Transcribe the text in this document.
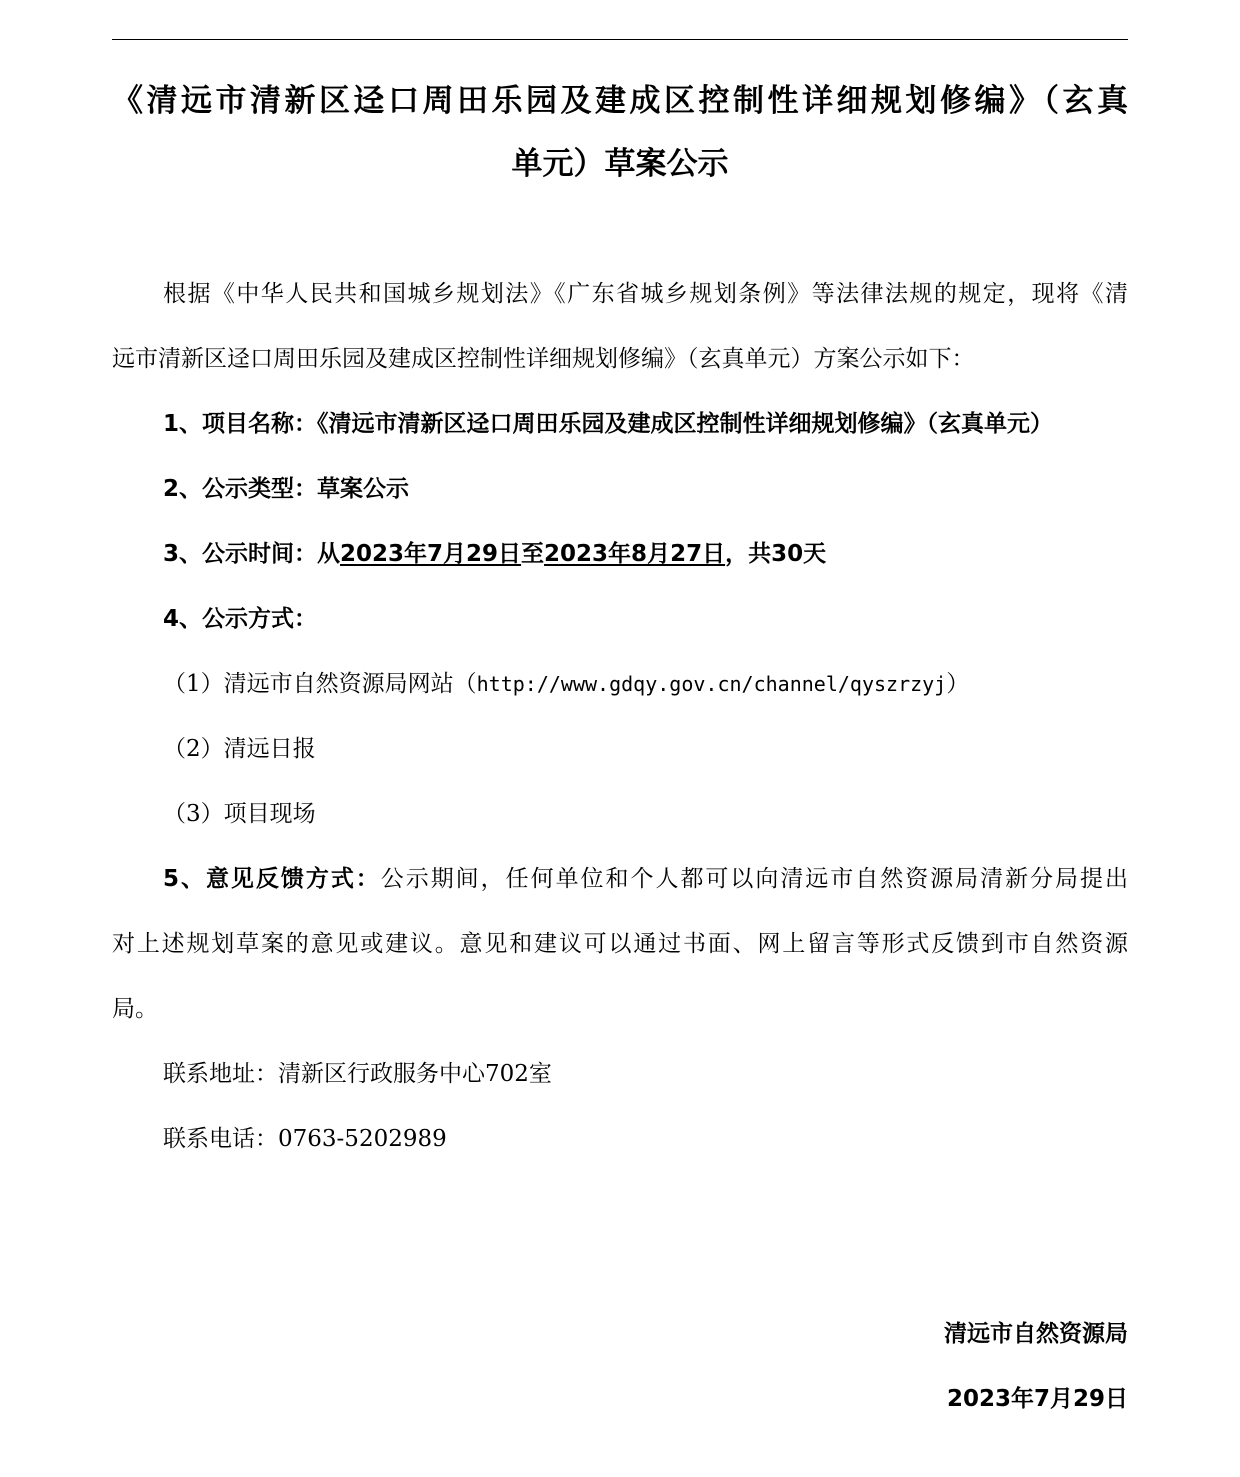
《清远市清新区迳口周田乐园及建成区控制性详细规划修编》（玄真
单元）草案公示
根据《中华人民共和国城乡规划法》《广东省城乡规划条例》等法律法规的规定，现将《清
远市清新区迳口周田乐园及建成区控制性详细规划修编》（玄真单元）方案公示如下：
1、项目名称：《清远市清新区迳口周田乐园及建成区控制性详细规划修编》（玄真单元）
2、公示类型：草案公示
3、公示时间：从2023年7月29日至2023年8月27日，共30天
4、公示方式：
（1）清远市自然资源局网站（http://www.gdqy.gov.cn/channel/qyszrzyj）
（2）清远日报
（3）项目现场
5、意见反馈方式：公示期间，任何单位和个人都可以向清远市自然资源局清新分局提出
对上述规划草案的意见或建议。意见和建议可以通过书面、网上留言等形式反馈到市自然资源
局。
联系地址：清新区行政服务中心702室
联系电话：0763-5202989
清远市自然资源局
2023年7月29日
